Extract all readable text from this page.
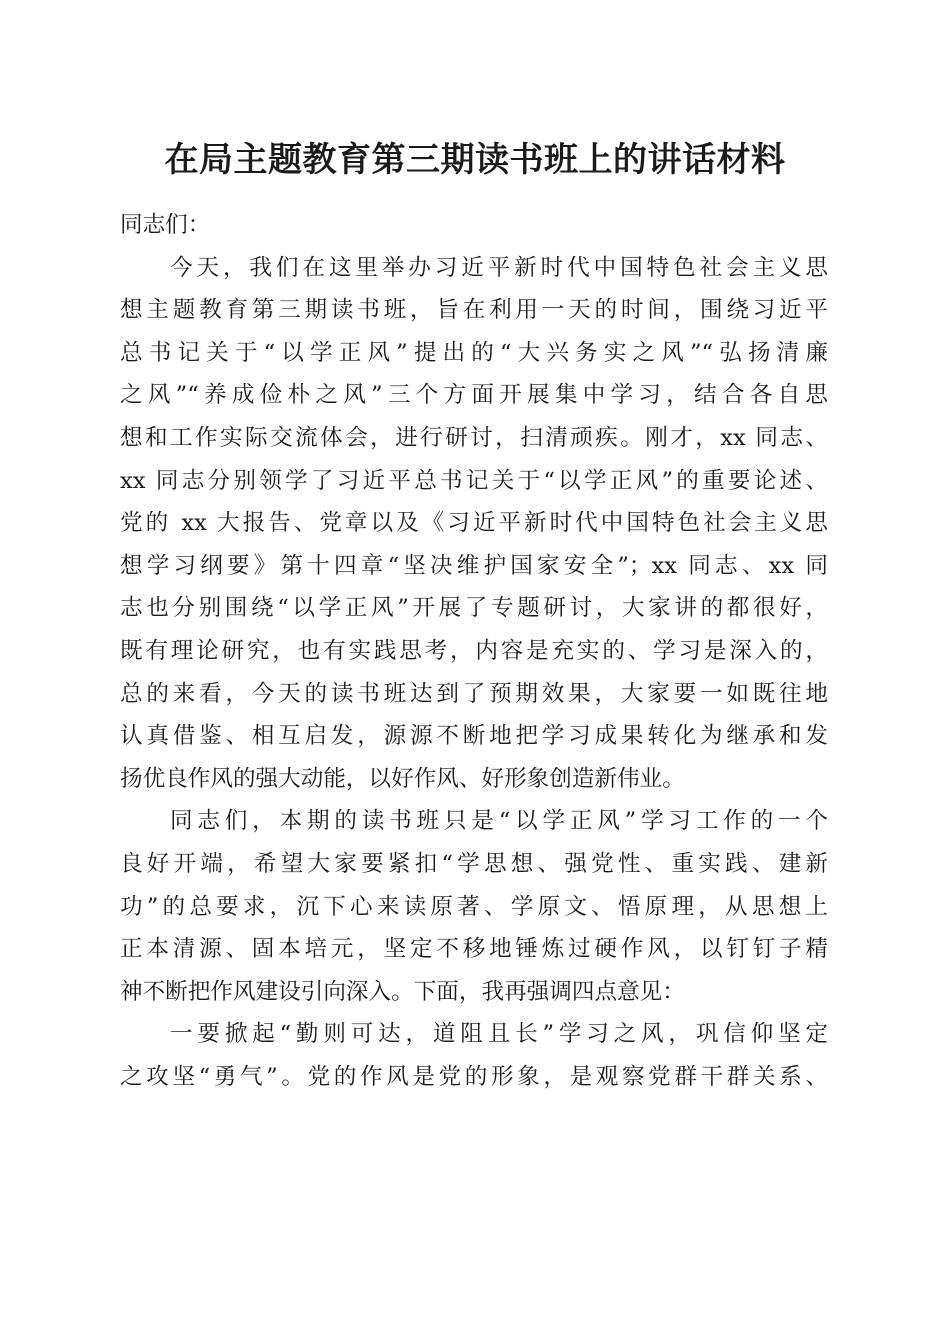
在局主题教育第三期读书班上的讲话材料

同志们：

今天，我们在这里举办习近平新时代中国特色社会主义思
想主题教育第三期读书班，旨在利用一天的时间，围绕习近平
总书记关于“以学正风”提出的“大兴务实之风”“弘扬清廉
之风”“养成俭朴之风”三个方面开展集中学习，结合各自思
想和工作实际交流体会，进行研讨，扫清顽疾。刚才，xx 同志、
xx 同志分别领学了习近平总书记关于“以学正风”的重要论述、
党的 xx 大报告、党章以及《习近平新时代中国特色社会主义思
想学习纲要》第十四章“坚决维护国家安全”；xx 同志、xx 同
志也分别围绕“以学正风”开展了专题研讨，大家讲的都很好，
既有理论研究，也有实践思考，内容是充实的、学习是深入的，
总的来看，今天的读书班达到了预期效果，大家要一如既往地
认真借鉴、相互启发，源源不断地把学习成果转化为继承和发
扬优良作风的强大动能，以好作风、好形象创造新伟业。

同志们，本期的读书班只是“以学正风”学习工作的一个
良好开端，希望大家要紧扣“学思想、强党性、重实践、建新
功”的总要求，沉下心来读原著、学原文、悟原理，从思想上
正本清源、固本培元，坚定不移地锤炼过硬作风，以钉钉子精
神不断把作风建设引向深入。下面，我再强调四点意见：

一要掀起“勤则可达，道阻且长”学习之风，巩信仰坚定
之攻坚“勇气”。党的作风是党的形象，是观察党群干群关系、
